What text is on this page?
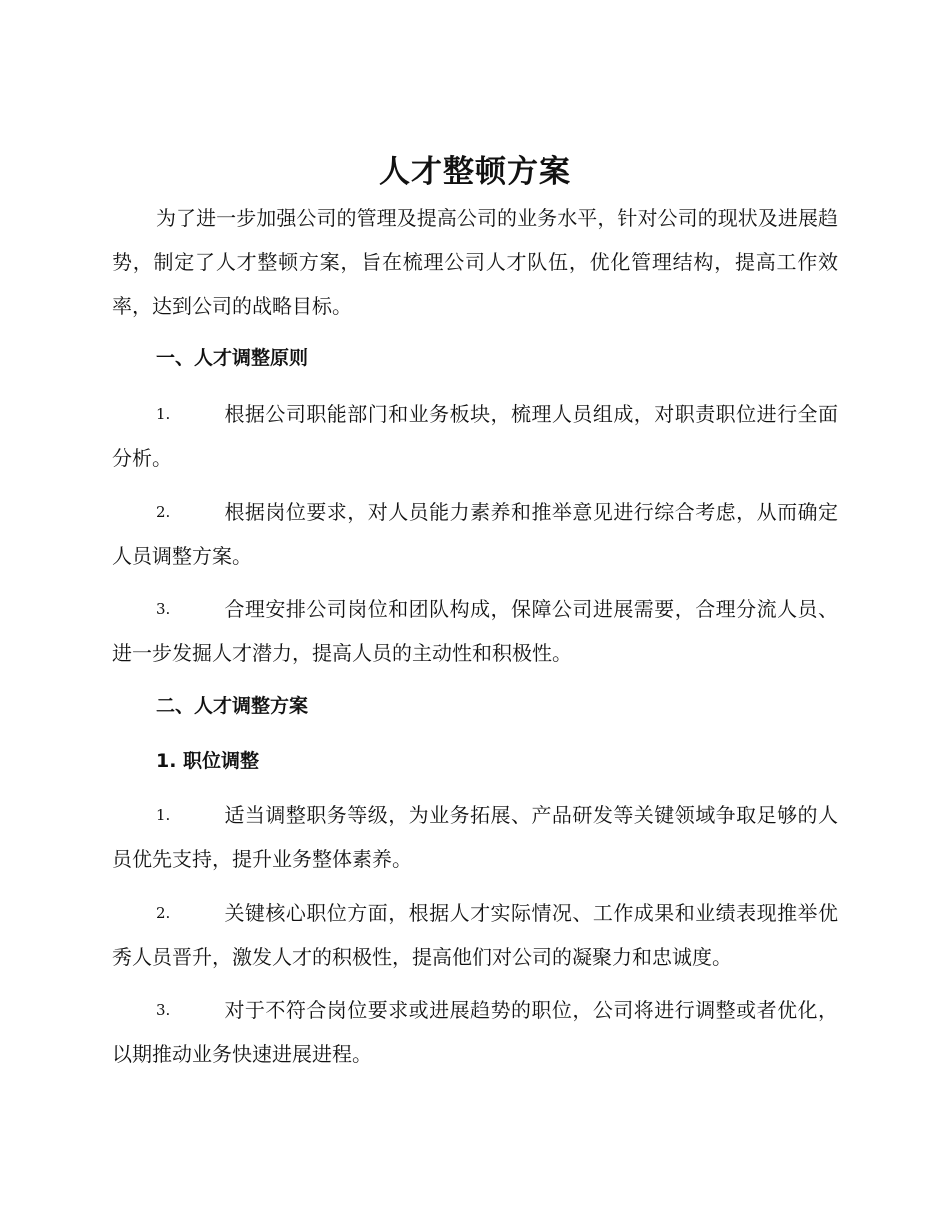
人才整顿方案
为了进一步加强公司的管理及提高公司的业务水平，针对公司的现状及进展趋势，制定了人才整顿方案，旨在梳理公司人才队伍，优化管理结构，提高工作效率，达到公司的战略目标。
一、人才调整原则
1.	根据公司职能部门和业务板块，梳理人员组成，对职责职位进行全面分析。
2.	根据岗位要求，对人员能力素养和推举意见进行综合考虑，从而确定人员调整方案。
3.	合理安排公司岗位和团队构成，保障公司进展需要，合理分流人员、进一步发掘人才潜力，提高人员的主动性和积极性。
二、人才调整方案
1. 职位调整
1.	适当调整职务等级，为业务拓展、产品研发等关键领域争取足够的人员优先支持，提升业务整体素养。
2.	关键核心职位方面，根据人才实际情况、工作成果和业绩表现推举优秀人员晋升，激发人才的积极性，提高他们对公司的凝聚力和忠诚度。
3.	对于不符合岗位要求或进展趋势的职位，公司将进行调整或者优化，以期推动业务快速进展进程。
